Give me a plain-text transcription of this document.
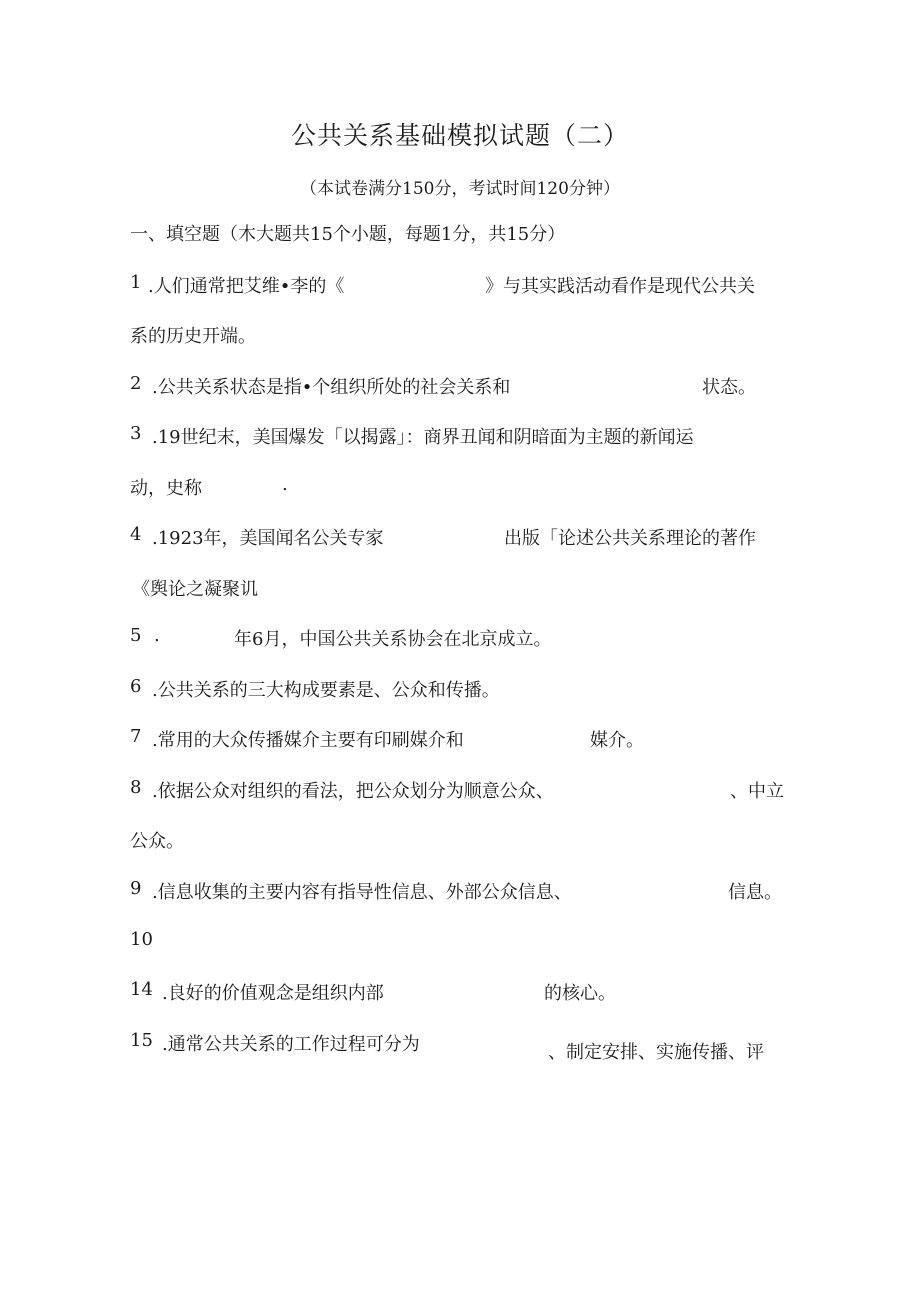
公共关系基础模拟试题（二）
（本试卷满分150分，考试时间120分钟）
一、填空题（木大题共15个小题，每题1分，共15分）
1 .人们通常把艾维•李的《	》与其实践活动看作是现代公共关
系的历史开端。
2 .公共关系状态是指•个组织所处的社会关系和	状态。
3 .19世纪末，美国爆发「以揭露」：商界丑闻和阴暗面为主题的新闻运
动，史称	.
4 .1923年，美国闻名公关专家	出版「论述公共关系理论的著作
《舆论之凝聚讥
5 .	年6月，中国公共关系协会在北京成立。
6 .公共关系的三大构成要素是、公众和传播。
7 .常用的大众传播媒介主要有印刷媒介和	媒介。
8 .依据公众对组织的看法，把公众划分为顺意公众、	、中立
公众。
9 .信息收集的主要内容有指导性信息、外部公众信息、	信息。
10
14 .良好的价值观念是组织内部	的核心。
15 .通常公共关系的工作过程可分为	、制定安排、实施传播、评
